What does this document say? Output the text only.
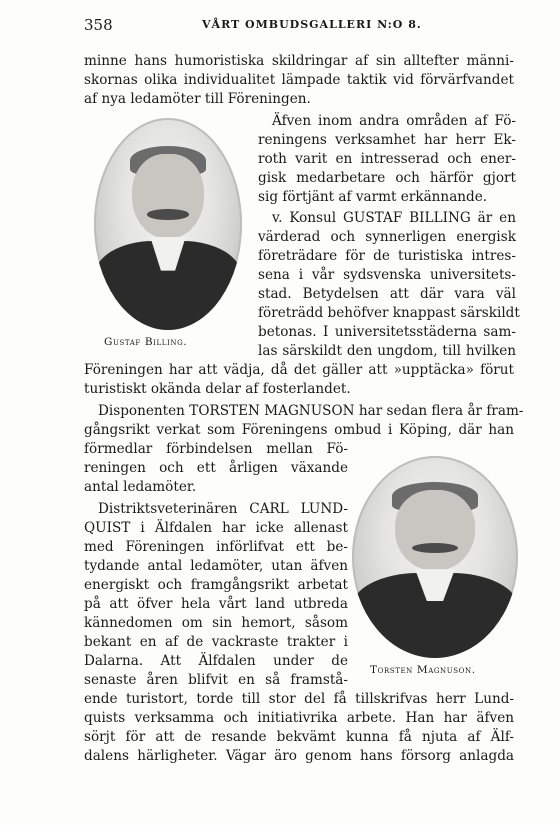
358	VÅRT OMBUDSGALLERI N:O 8.
Gustaf Billing.
Torsten Magnuson.
minne hans humoristiska skildringar af sin alltefter männi-
skornas olika individualitet lämpade taktik vid förvärfvandet
af nya ledamöter till Föreningen.
Äfven inom andra områden af Fö-
reningens verksamhet har herr Ek-
roth varit en intresserad och ener-
gisk medarbetare och härför gjort
sig förtjänt af varmt erkännande.
v. Konsul GUSTAF BILLING är en
värderad och synnerligen energisk
företrädare för de turistiska intres-
sena i vår sydsvenska universitets-
stad. Betydelsen att där vara väl
företrädd behöfver knappast särskildt
betonas. I universitetsstäderna sam-
las särskildt den ungdom, till hvilken
Föreningen har att vädja, då det gäller att »upptäcka» förut
turistiskt okända delar af fosterlandet.
Disponenten TORSTEN MAGNUSON har sedan flera år fram-
gångsrikt verkat som Föreningens ombud i Köping, där han
förmedlar förbindelsen mellan Fö-
reningen och ett årligen växande
antal ledamöter.
Distriktsveterinären CARL LUND-
QUIST i Älfdalen har icke allenast
med Föreningen införlifvat ett be-
tydande antal ledamöter, utan äfven
energiskt och framgångsrikt arbetat
på att öfver hela vårt land utbreda
kännedomen om sin hemort, såsom
bekant en af de vackraste trakter i
Dalarna. Att Älfdalen under de
senaste åren blifvit en så framstå-
ende turistort, torde till stor del få tillskrifvas herr Lund-
quists verksamma och initiativrika arbete. Han har äfven
sörjt för att de resande bekvämt kunna få njuta af Älf-
dalens härligheter. Vägar äro genom hans försorg anlagda
